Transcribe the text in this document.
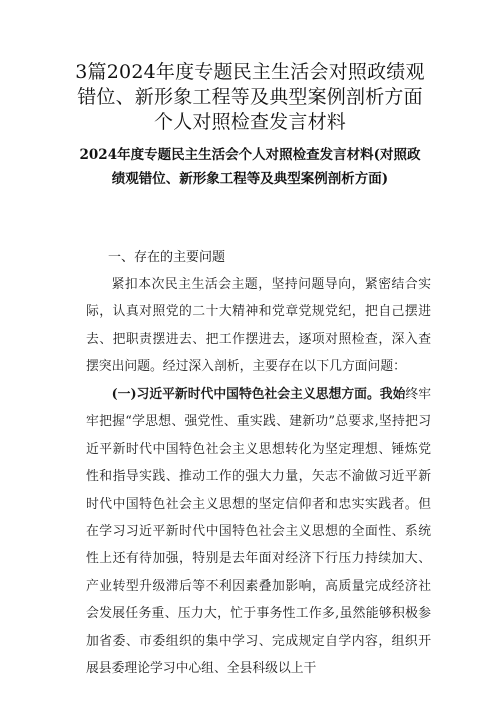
3篇2024年度专题民主生活会对照政绩观错位、新形象工程等及典型案例剖析方面个人对照检查发言材料
2024年度专题民主生活会个人对照检查发言材料(对照政绩观错位、新形象工程等及典型案例剖析方面)
一、存在的主要问题

紧扣本次民主生活会主题，坚持问题导向，紧密结合实际，认真对照党的二十大精神和党章党规党纪，把自己摆进去、把职责摆进去、把工作摆进去，逐项对照检查，深入查摆突出问题。经过深入剖析，主要存在以下几方面问题：

(一)习近平新时代中国特色社会主义思想方面。我始终牢牢把握“学思想、强党性、重实践、建新功”总要求,坚持把习近平新时代中国特色社会主义思想转化为坚定理想、锤炼党性和指导实践、推动工作的强大力量，矢志不渝做习近平新时代中国特色社会主义思想的坚定信仰者和忠实实践者。但在学习习近平新时代中国特色社会主义思想的全面性、系统性上还有待加强，特别是去年面对经济下行压力持续加大、产业转型升级滞后等不利因素叠加影响，高质量完成经济社会发展任务重、压力大，忙于事务性工作多,虽然能够积极参加省委、市委组织的集中学习、完成规定自学内容，组织开展县委理论学习中心组、全县科级以上干
